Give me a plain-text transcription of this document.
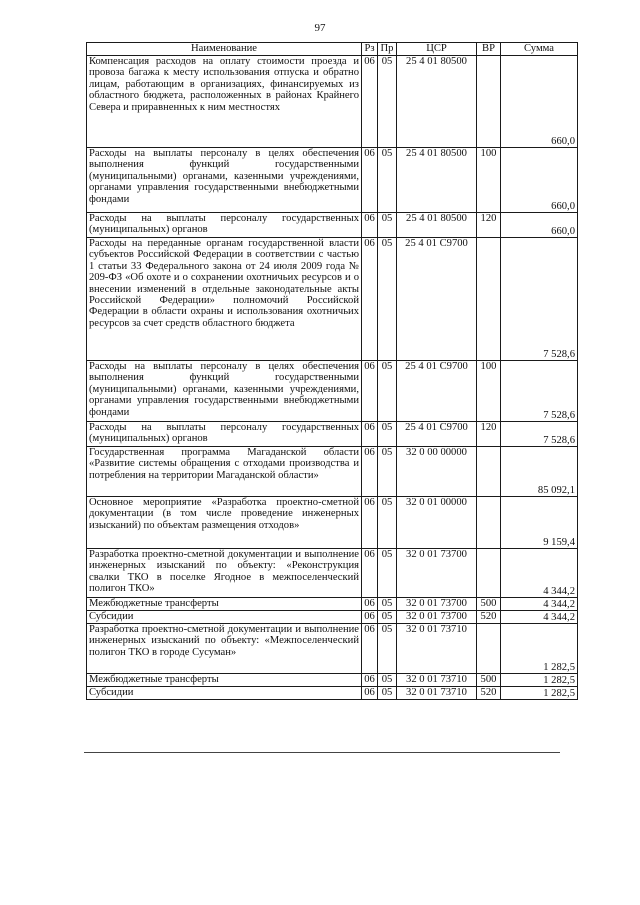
97
Наименование	Рз	Пр	ЦСР	ВР	Сумма
Компенсация расходов на оплату стоимости проезда и провоза багажа к месту использования отпуска и обратно лицам, работающим в организациях, финансируемых из областного бюджета, расположенных в районах Крайнего Севера и приравненных к ним местностях	06	05	25 4 01 80500		660,0
Расходы на выплаты персоналу в целях обеспечения выполнения функций государственными (муниципальными) органами, казенными учреждениями, органами управления государственными внебюджетными фондами	06	05	25 4 01 80500	100	660,0
Расходы на выплаты персоналу государственных (муниципальных) органов	06	05	25 4 01 80500	120	660,0
Расходы на переданные органам государственной власти субъектов Российской Федерации в соответствии с частью 1 статьи 33 Федерального закона от 24 июля 2009 года № 209-ФЗ «Об охоте и о сохранении охотничьих ресурсов и о внесении изменений в отдельные законодательные акты Российской Федерации» полномочий Российской Федерации в области охраны и использования охотничьих ресурсов за счет средств областного бюджета	06	05	25 4 01 С9700		7 528,6
Расходы на выплаты персоналу в целях обеспечения выполнения функций государственными (муниципальными) органами, казенными учреждениями, органами управления государственными внебюджетными фондами	06	05	25 4 01 С9700	100	7 528,6
Расходы на выплаты персоналу государственных (муниципальных) органов	06	05	25 4 01 С9700	120	7 528,6
Государственная программа Магаданской области «Развитие системы обращения с отходами производства и потребления на территории Магаданской области»	06	05	32 0 00 00000		85 092,1
Основное мероприятие «Разработка проектно-сметной документации (в том числе проведение инженерных изысканий) по объектам размещения отходов»	06	05	32 0 01 00000		9 159,4
Разработка проектно-сметной документации и выполнение инженерных изысканий по объекту: «Реконструкция свалки ТКО в поселке Ягодное в межпоселенческий полигон ТКО»	06	05	32 0 01 73700		4 344,2
Межбюджетные трансферты	06	05	32 0 01 73700	500	4 344,2
Субсидии	06	05	32 0 01 73700	520	4 344,2
Разработка проектно-сметной документации и выполнение инженерных изысканий по объекту: «Межпоселенческий полигон ТКО в городе Сусуман»	06	05	32 0 01 73710		1 282,5
Межбюджетные трансферты	06	05	32 0 01 73710	500	1 282,5
Субсидии	06	05	32 0 01 73710	520	1 282,5
